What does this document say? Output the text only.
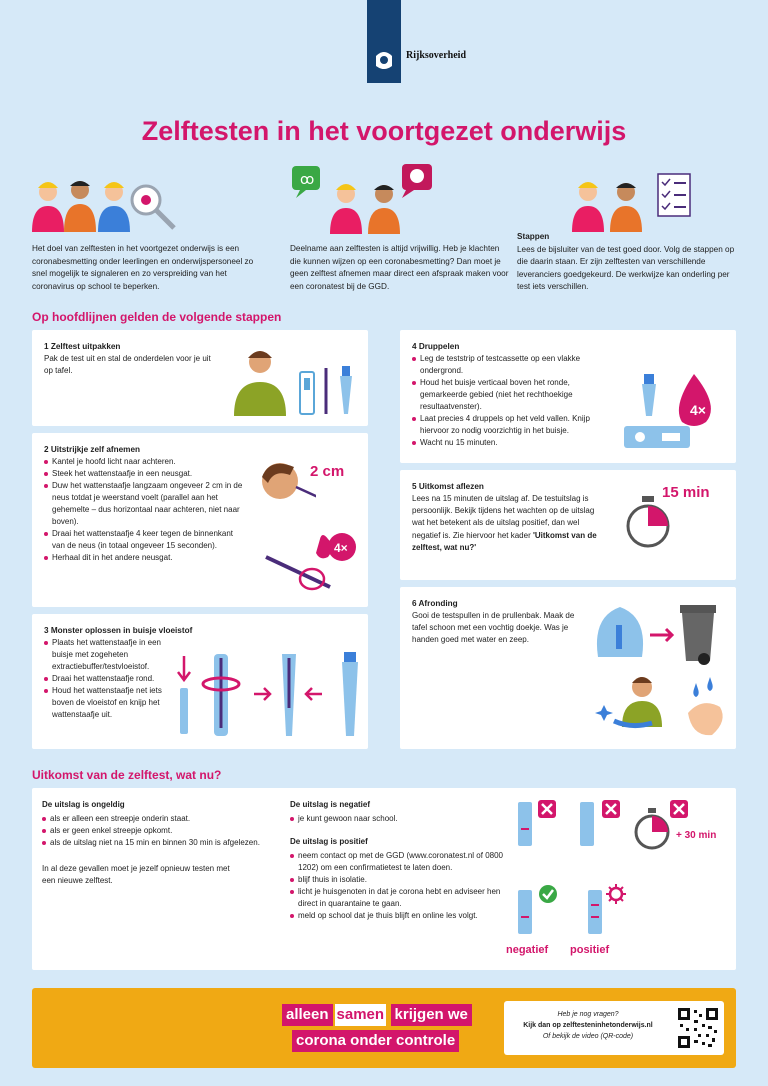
Rijksoverheid
Zelftesten in het voortgezet onderwijs
ꝏ
Het doel van zelftesten in het voortgezet onderwijs is een coronabesmetting onder leerlingen en onderwijspersoneel zo snel mogelijk te signaleren en zo verspreiding van het coronavirus op school te beperken.
Deelname aan zelftesten is altijd vrijwillig. Heb je klachten die kunnen wijzen op een coronabesmetting? Dan moet je geen zelftest afnemen maar direct een afspraak maken voor een coronatest bij de GGD.
Stappen
Lees de bijsluiter van de test goed door. Volg de stappen op die daarin staan. Er zijn zelftesten van verschillende leveranciers goedgekeurd. De werkwijze kan onderling per test iets verschillen.
Op hoofdlijnen gelden de volgende stappen
1 Zelftest uitpakken
Pak de test uit en stal de onderdelen voor je uit op tafel.
2 Uitstrijkje zelf afnemen
Kantel je hoofd licht naar achteren.
Steek het wattenstaafje in een neusgat.
Duw het wattenstaafje langzaam ongeveer 2 cm in de neus totdat je weerstand voelt (parallel aan het gehemelte – dus horizontaal naar achteren, niet naar boven).
Draai het wattenstaafje 4 keer tegen de binnenkant van de neus (in totaal ongeveer 15 seconden).
Herhaal dit in het andere neusgat.
2 cm
4×
3 Monster oplossen in buisje vloeistof
Plaats het wattenstaafje in een buisje met zogeheten extractiebuffer/testvloeistof.
Draai het wattenstaafje rond.
Houd het wattenstaafje net iets boven de vloeistof en knijp het wattenstaafje uit.
4 Druppelen
Leg de teststrip of testcassette op een vlakke ondergrond.
Houd het buisje verticaal boven het ronde, gemarkeerde gebied (niet het rechthoekige resultaatvenster).
Laat precies 4 druppels op het veld vallen. Knijp hiervoor zo nodig voorzichtig in het buisje.
Wacht nu 15 minuten.
4×
5 Uitkomst aflezen
Lees na 15 minuten de uitslag af. De testuitslag is persoonlijk. Bekijk tijdens het wachten op de uitslag wat het betekent als de uitslag positief, dan wel negatief is. Zie hiervoor het kader 'Uitkomst van de zelftest, wat nu?'
15 min
6 Afronding
Gooi de testspullen in de prullenbak. Maak de tafel schoon met een vochtig doekje. Was je handen goed met water en zeep.
Uitkomst van de zelftest, wat nu?
De uitslag is ongeldig
als er alleen een streepje onderin staat.
als er geen enkel streepje opkomt.
als de uitslag niet na 15 min en binnen 30 min is afgelezen.
In al deze gevallen moet je jezelf opnieuw testen met een nieuwe zelftest.
De uitslag is negatief
je kunt gewoon naar school.
De uitslag is positief
neem contact op met de GGD (www.coronatest.nl of 0800 1202) om een confirmatietest te laten doen.
blijf thuis in isolatie.
licht je huisgenoten in dat je corona hebt en adviseer hen direct in quarantaine te gaan.
meld op school dat je thuis blijft en online les volgt.
+ 30 min
negatief positief
alleen samen krijgen we
corona onder controle
Heb je nog vragen?
Kijk dan op zelftesteninhetonderwijs.nl
Of bekijk de video (QR-code)
